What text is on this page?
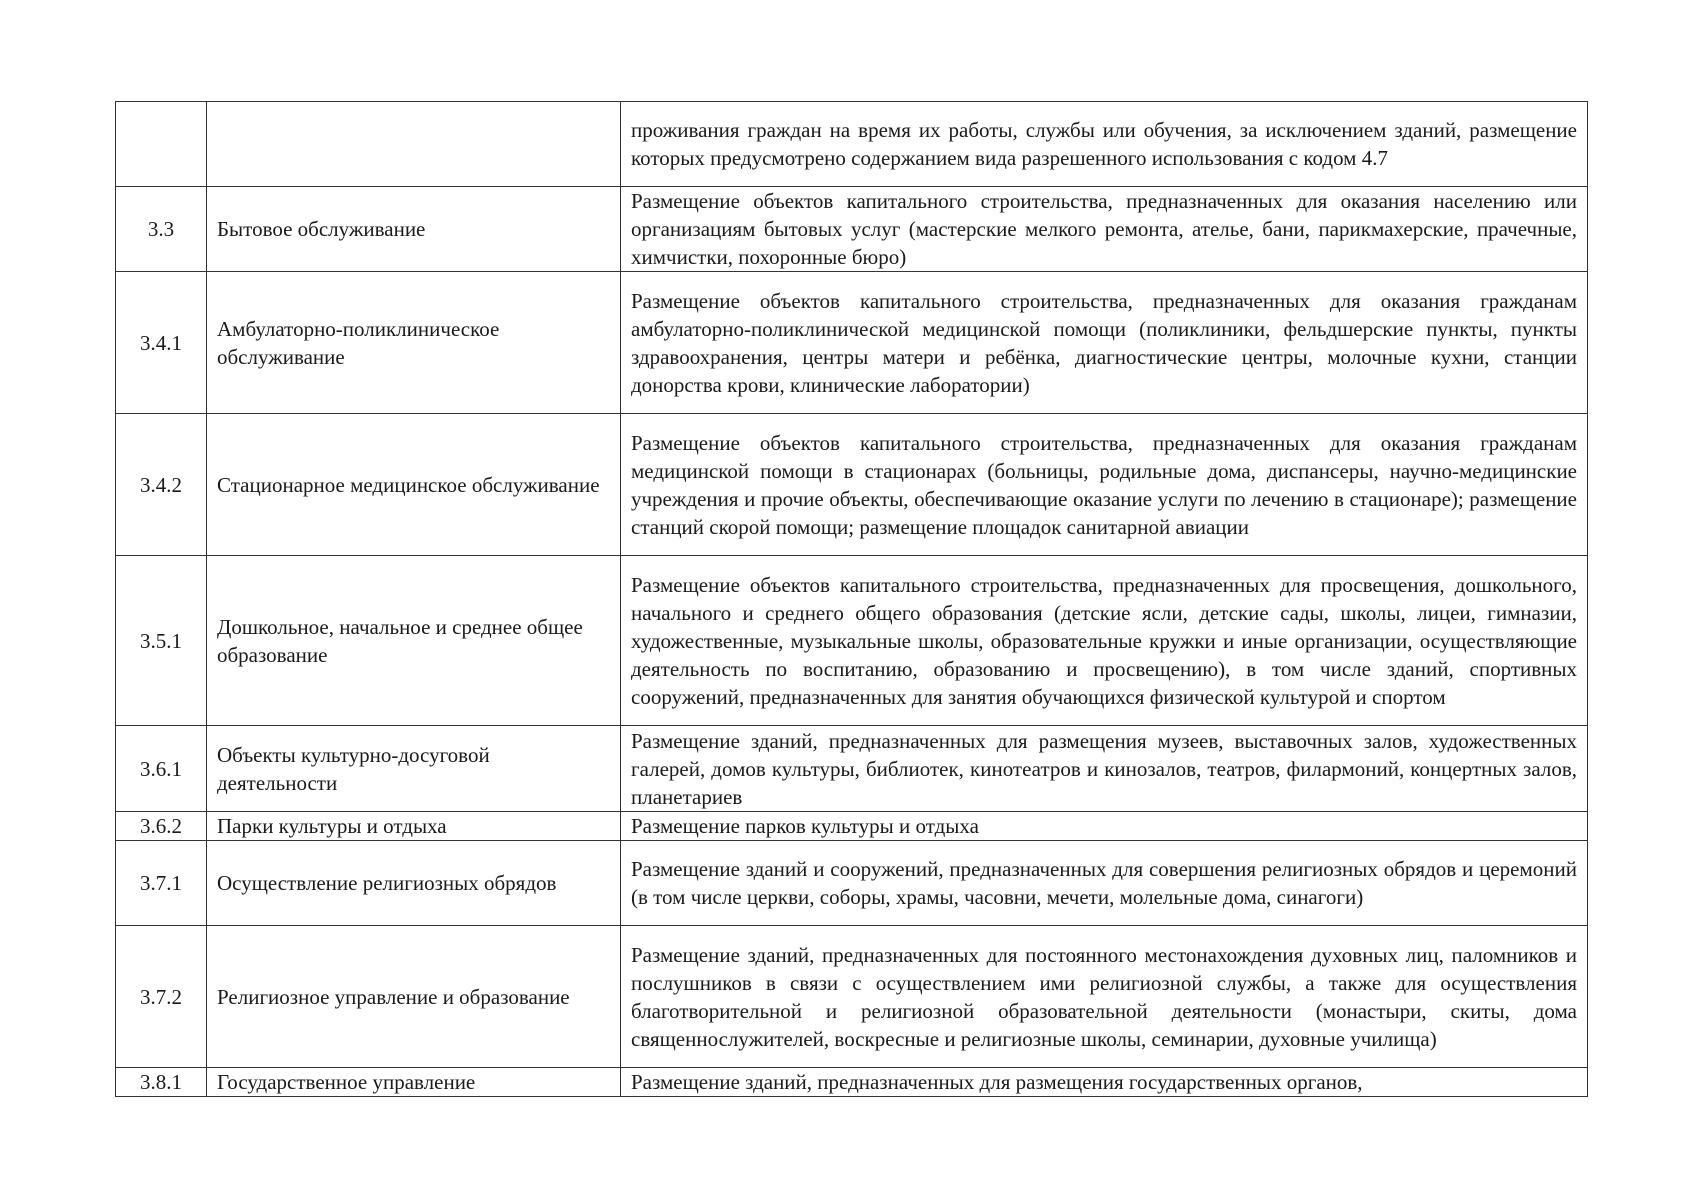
		проживания граждан на время их работы, службы или обучения, за исключением зданий, размещение которых предусмотрено содержанием вида разрешенного использования с кодом 4.7
3.3	Бытовое обслуживание	Размещение объектов капитального строительства, предназначенных для оказания населению или организациям бытовых услуг (мастерские мелкого ремонта, ателье, бани, парикмахерские, прачечные, химчистки, похоронные бюро)
3.4.1	Амбулаторно-поликлиническое обслуживание	Размещение объектов капитального строительства, предназначенных для оказания гражданам амбулаторно-поликлинической медицинской помощи (поликлиники, фельдшерские пункты, пункты здравоохранения, центры матери и ребёнка, диагностические центры, молочные кухни, станции донорства крови, клинические лаборатории)
3.4.2	Стационарное медицинское обслуживание	Размещение объектов капитального строительства, предназначенных для оказания гражданам медицинской помощи в стационарах (больницы, родильные дома, диспансеры, научно-медицинские учреждения и прочие объекты, обеспечивающие оказание услуги по лечению в стационаре); размещение станций скорой помощи; размещение площадок санитарной авиации
3.5.1	Дошкольное, начальное и среднее общее образование	Размещение объектов капитального строительства, предназначенных для просвещения, дошкольного, начального и среднего общего образования (детские ясли, детские сады, школы, лицеи, гимназии, художественные, музыкальные школы, образовательные кружки и иные организации, осуществляющие деятельность по воспитанию, образованию и просвещению), в том числе зданий, спортивных сооружений, предназначенных для занятия обучающихся физической культурой и спортом
3.6.1	Объекты культурно-досуговой деятельности	Размещение зданий, предназначенных для размещения музеев, выставочных залов, художественных галерей, домов культуры, библиотек, кинотеатров и кинозалов, театров, филармоний, концертных залов, планетариев
3.6.2	Парки культуры и отдыха	Размещение парков культуры и отдыха
3.7.1	Осуществление религиозных обрядов	Размещение зданий и сооружений, предназначенных для совершения религиозных обрядов и церемоний (в том числе церкви, соборы, храмы, часовни, мечети, молельные дома, синагоги)
3.7.2	Религиозное управление и образование	Размещение зданий, предназначенных для постоянного местонахождения духовных лиц, паломников и послушников в связи с осуществлением ими религиозной службы, а также для осуществления благотворительной и религиозной образовательной деятельности (монастыри, скиты, дома священнослужителей, воскресные и религиозные школы, семинарии, духовные училища)
3.8.1	Государственное управление	Размещение зданий, предназначенных для размещения государственных органов,
